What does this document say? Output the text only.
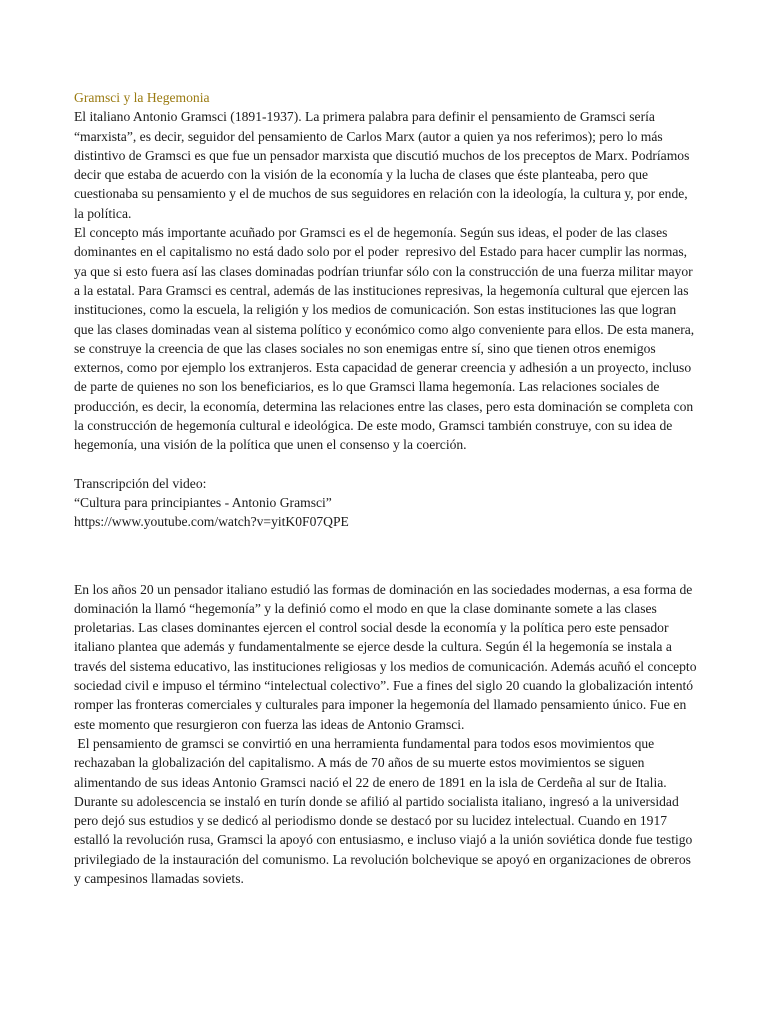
Gramsci y la Hegemonia

El italiano Antonio Gramsci (1891-1937). La primera palabra para definir el pensamiento de Gramsci sería “marxista”, es decir, seguidor del pensamiento de Carlos Marx (autor a quien ya nos referimos); pero lo más distintivo de Gramsci es que fue un pensador marxista que discutió muchos de los preceptos de Marx. Podríamos decir que estaba de acuerdo con la visión de la economía y la lucha de clases que éste planteaba, pero que cuestionaba su pensamiento y el de muchos de sus seguidores en relación con la ideología, la cultura y, por ende, la política.

El concepto más importante acuñado por Gramsci es el de hegemonía. Según sus ideas, el poder de las clases dominantes en el capitalismo no está dado solo por el poder  represivo del Estado para hacer cumplir las normas, ya que si esto fuera así las clases dominadas podrían triunfar sólo con la construcción de una fuerza militar mayor a la estatal. Para Gramsci es central, además de las instituciones represivas, la hegemonía cultural que ejercen las instituciones, como la escuela, la religión y los medios de comunicación. Son estas instituciones las que logran que las clases dominadas vean al sistema político y económico como algo conveniente para ellos. De esta manera, se construye la creencia de que las clases sociales no son enemigas entre sí, sino que tienen otros enemigos externos, como por ejemplo los extranjeros. Esta capacidad de generar creencia y adhesión a un proyecto, incluso de parte de quienes no son los beneficiarios, es lo que Gramsci llama hegemonía. Las relaciones sociales de producción, es decir, la economía, determina las relaciones entre las clases, pero esta dominación se completa con la construcción de hegemonía cultural e ideológica. De este modo, Gramsci también construye, con su idea de hegemonía, una visión de la política que unen el consenso y la coerción.

Transcripción del video:

“Cultura para principiantes - Antonio Gramsci”

https://www.youtube.com/watch?v=yitK0F07QPE

En los años 20 un pensador italiano estudió las formas de dominación en las sociedades modernas, a esa forma de dominación la llamó “hegemonía” y la definió como el modo en que la clase dominante somete a las clases proletarias. Las clases dominantes ejercen el control social desde la economía y la política pero este pensador italiano plantea que además y fundamentalmente se ejerce desde la cultura. Según él la hegemonía se instala a través del sistema educativo, las instituciones religiosas y los medios de comunicación. Además acuñó el concepto sociedad civil e impuso el término “intelectual colectivo”. Fue a fines del siglo 20 cuando la globalización intentó romper las fronteras comerciales y culturales para imponer la hegemonía del llamado pensamiento único. Fue en este momento que resurgieron con fuerza las ideas de Antonio Gramsci.

El pensamiento de gramsci se convirtió en una herramienta fundamental para todos esos movimientos que rechazaban la globalización del capitalismo. A más de 70 años de su muerte estos movimientos se siguen alimentando de sus ideas Antonio Gramsci nació el 22 de enero de 1891 en la isla de Cerdeña al sur de Italia. Durante su adolescencia se instaló en turín donde se afilió al partido socialista italiano, ingresó a la universidad pero dejó sus estudios y se dedicó al periodismo donde se destacó por su lucidez intelectual. Cuando en 1917 estalló la revolución rusa, Gramsci la apoyó con entusiasmo, e incluso viajó a la unión soviética donde fue testigo privilegiado de la instauración del comunismo. La revolución bolchevique se apoyó en organizaciones de obreros y campesinos llamadas soviets.
